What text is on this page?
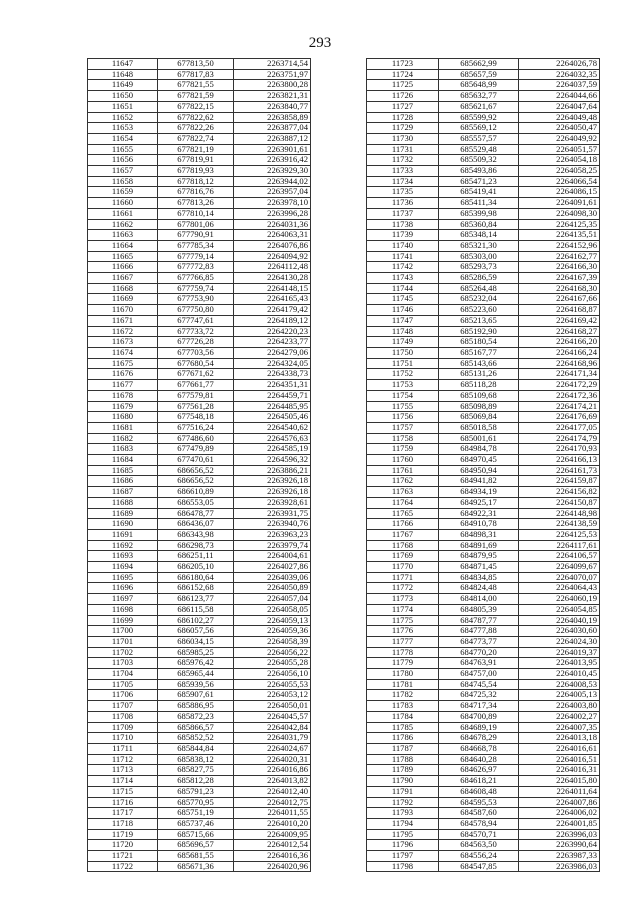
293
11647	677813,50	2263714,54
11648	677817,83	2263751,97
11649	677821,55	2263800,28
11650	677821,59	2263821,31
11651	677822,15	2263840,77
11652	677822,62	2263858,89
11653	677822,26	2263877,04
11654	677822,74	2263887,12
11655	677821,19	2263901,61
11656	677819,91	2263916,42
11657	677819,93	2263929,30
11658	677818,12	2263944,02
11659	677816,76	2263957,04
11660	677813,26	2263978,10
11661	677810,14	2263996,28
11662	677801,06	2264031,36
11663	677790,91	2264063,31
11664	677785,34	2264076,86
11665	677779,14	2264094,92
11666	677772,83	2264112,48
11667	677766,85	2264130,28
11668	677759,74	2264148,15
11669	677753,90	2264165,43
11670	677750,80	2264179,42
11671	677747,61	2264189,12
11672	677733,72	2264220,23
11673	677726,28	2264233,77
11674	677703,56	2264279,06
11675	677680,54	2264324,05
11676	677671,62	2264338,73
11677	677661,77	2264351,31
11678	677579,81	2264459,71
11679	677561,28	2264485,95
11680	677548,18	2264505,46
11681	677516,24	2264540,62
11682	677486,60	2264576,63
11683	677479,89	2264585,19
11684	677470,61	2264596,32
11685	686656,52	2263886,21
11686	686656,52	2263926,18
11687	686610,89	2263926,18
11688	686553,05	2263928,61
11689	686478,77	2263931,75
11690	686436,07	2263940,76
11691	686343,98	2263963,23
11692	686298,73	2263979,74
11693	686251,11	2264004,61
11694	686205,10	2264027,86
11695	686180,64	2264039,06
11696	686152,68	2264050,89
11697	686123,77	2264057,04
11698	686115,58	2264058,05
11699	686102,27	2264059,13
11700	686057,56	2264059,36
11701	686034,15	2264058,39
11702	685985,25	2264056,22
11703	685976,42	2264055,28
11704	685965,44	2264056,10
11705	685939,56	2264055,53
11706	685907,61	2264053,12
11707	685886,95	2264050,01
11708	685872,23	2264045,57
11709	685866,57	2264042,84
11710	685852,52	2264031,79
11711	685844,84	2264024,67
11712	685838,12	2264020,31
11713	685827,75	2264016,86
11714	685812,28	2264013,82
11715	685791,23	2264012,40
11716	685770,95	2264012,75
11717	685751,19	2264011,55
11718	685737,46	2264010,20
11719	685715,66	2264009,95
11720	685696,57	2264012,54
11721	685681,55	2264016,36
11722	685671,36	2264020,96
11723	685662,99	2264026,78
11724	685657,59	2264032,35
11725	685648,99	2264037,59
11726	685632,77	2264044,66
11727	685621,67	2264047,64
11728	685599,92	2264049,48
11729	685569,12	2264050,47
11730	685557,57	2264049,92
11731	685529,48	2264051,57
11732	685509,32	2264054,18
11733	685493,86	2264058,25
11734	685471,23	2264066,54
11735	685419,41	2264086,15
11736	685411,34	2264091,61
11737	685399,98	2264098,30
11738	685360,84	2264125,35
11739	685348,14	2264135,51
11740	685321,30	2264152,96
11741	685303,00	2264162,77
11742	685293,73	2264166,30
11743	685286,59	2264167,39
11744	685264,48	2264168,30
11745	685232,04	2264167,66
11746	685223,60	2264168,87
11747	685213,65	2264169,42
11748	685192,90	2264168,27
11749	685180,54	2264166,20
11750	685167,77	2264166,24
11751	685143,66	2264168,96
11752	685131,26	2264171,34
11753	685118,28	2264172,29
11754	685109,68	2264172,36
11755	685098,89	2264174,21
11756	685069,84	2264176,69
11757	685018,58	2264177,05
11758	685001,61	2264174,79
11759	684984,78	2264170,93
11760	684970,45	2264166,13
11761	684950,94	2264161,73
11762	684941,82	2264159,87
11763	684934,19	2264156,82
11764	684925,17	2264150,87
11765	684922,31	2264148,98
11766	684910,78	2264138,59
11767	684898,31	2264125,53
11768	684891,69	2264117,61
11769	684879,95	2264106,57
11770	684871,45	2264099,67
11771	684834,85	2264070,07
11772	684824,48	2264064,43
11773	684814,00	2264060,19
11774	684805,39	2264054,85
11775	684787,77	2264040,19
11776	684777,88	2264030,60
11777	684773,77	2264024,30
11778	684770,20	2264019,37
11779	684763,91	2264013,95
11780	684757,00	2264010,45
11781	684745,54	2264008,53
11782	684725,32	2264005,13
11783	684717,34	2264003,80
11784	684700,89	2264002,27
11785	684689,19	2264007,35
11786	684678,29	2264013,18
11787	684668,78	2264016,61
11788	684640,28	2264016,51
11789	684626,97	2264016,31
11790	684618,21	2264015,80
11791	684608,48	2264011,64
11792	684595,53	2264007,86
11793	684587,60	2264006,02
11794	684578,94	2264001,85
11795	684570,71	2263996,03
11796	684563,50	2263990,64
11797	684556,24	2263987,33
11798	684547,85	2263986,03
